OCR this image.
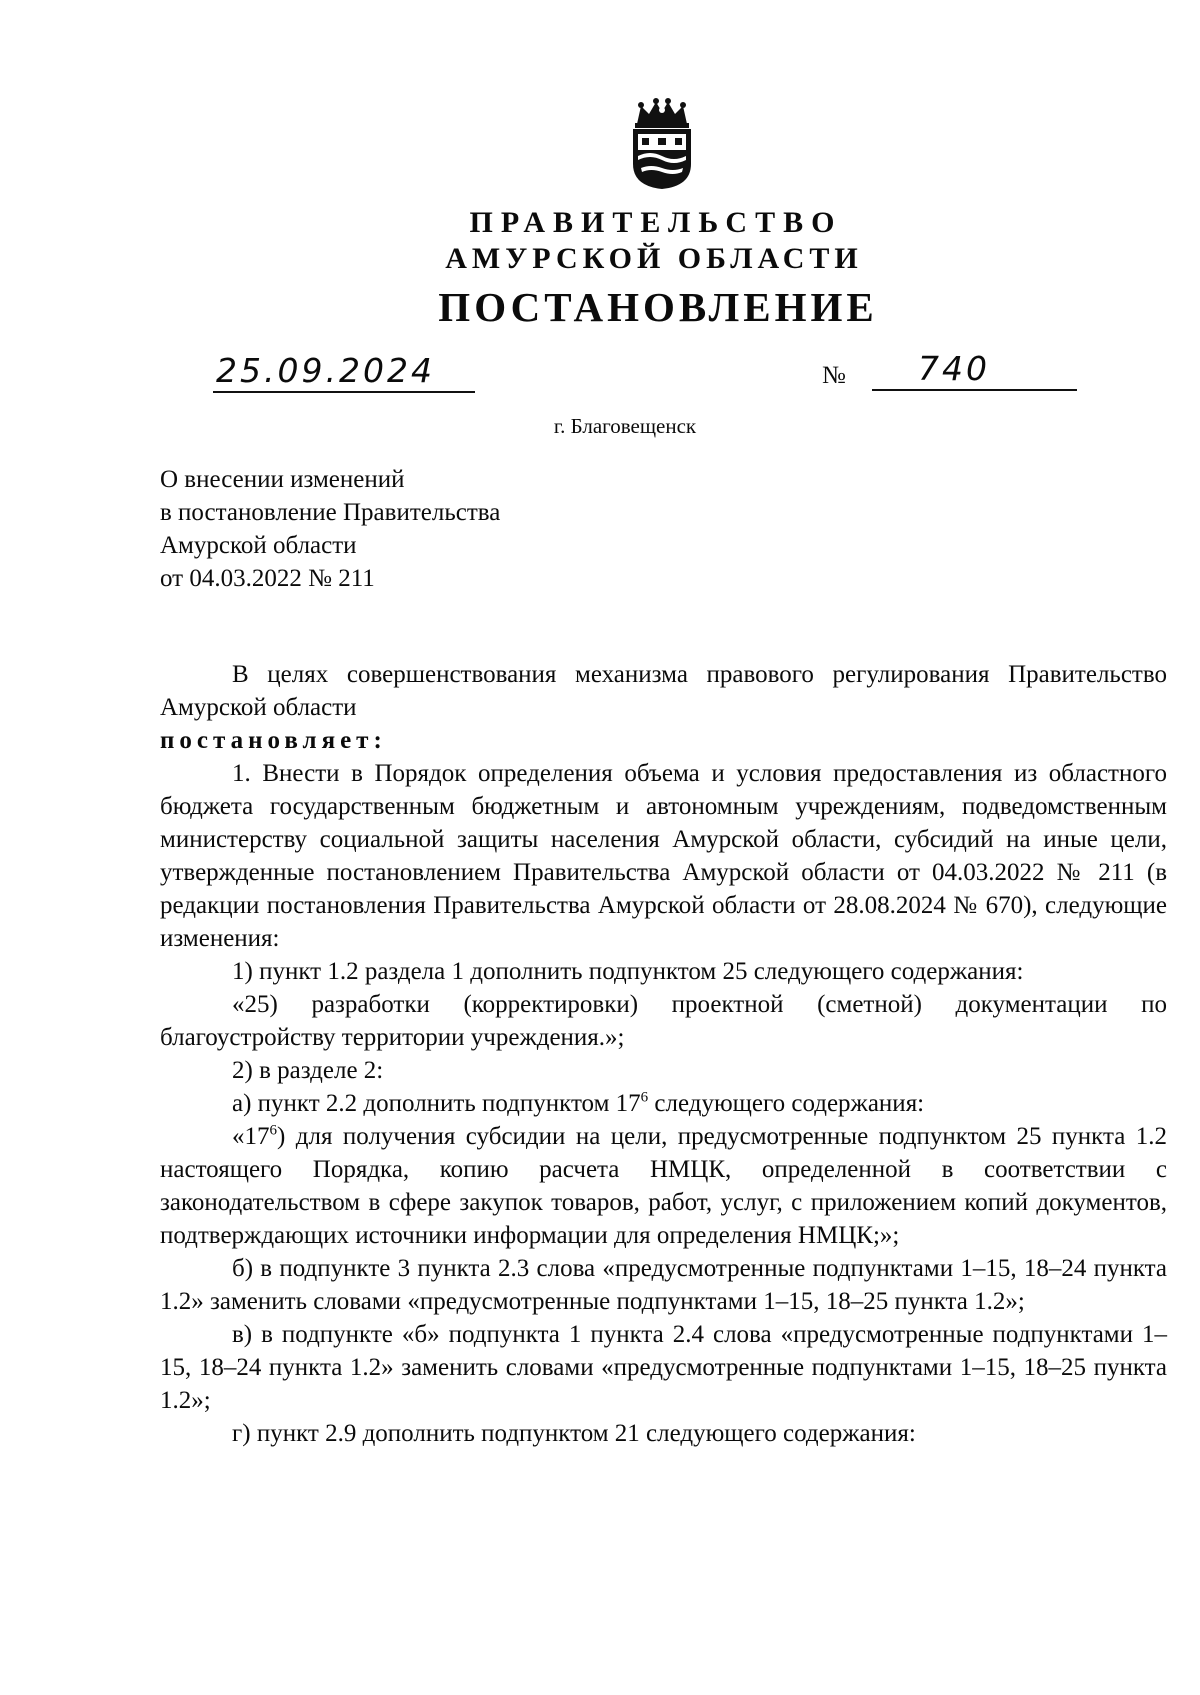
ПРАВИТЕЛЬСТВО
АМУРСКОЙ ОБЛАСТИ
ПОСТАНОВЛЕНИЕ
25.09.2024	№ 740
г. Благовещенск
О внесении изменений
в постановление Правительства
Амурской области
от 04.03.2022 № 211

В целях совершенствования механизма правового регулирования Правительство Амурской области

постановляет:

1. Внести в Порядок определения объема и условия предоставления из областного бюджета государственным бюджетным и автономным учреждениям, подведомственным министерству социальной защиты населения Амурской области, субсидий на иные цели, утвержденные постановлением Правительства Амурской области от 04.03.2022 № 211 (в редакции постановления Правительства Амурской области от 28.08.2024 № 670), следующие изменения:

1) пункт 1.2 раздела 1 дополнить подпунктом 25 следующего содержания:

«25) разработки (корректировки) проектной (сметной) документации по благоустройству территории учреждения.»;

2) в разделе 2:

а) пункт 2.2 дополнить подпунктом $17^6$ следующего содержания:

«$17^6$) для получения субсидии на цели, предусмотренные подпунктом 25 пункта 1.2 настоящего Порядка, копию расчета НМЦК, определенной в соответствии с законодательством в сфере закупок товаров, работ, услуг, с приложением копий документов, подтверждающих источники информации для определения НМЦК;»;

б) в подпункте 3 пункта 2.3 слова «предусмотренные подпунктами 1–15, 18–24 пункта 1.2» заменить словами «предусмотренные подпунктами 1–15, 18–25 пункта 1.2»;

в) в подпункте «б» подпункта 1 пункта 2.4 слова «предусмотренные подпунктами 1–15, 18–24 пункта 1.2» заменить словами «предусмотренные подпунктами 1–15, 18–25 пункта 1.2»;

г) пункт 2.9 дополнить подпунктом 21 следующего содержания:
